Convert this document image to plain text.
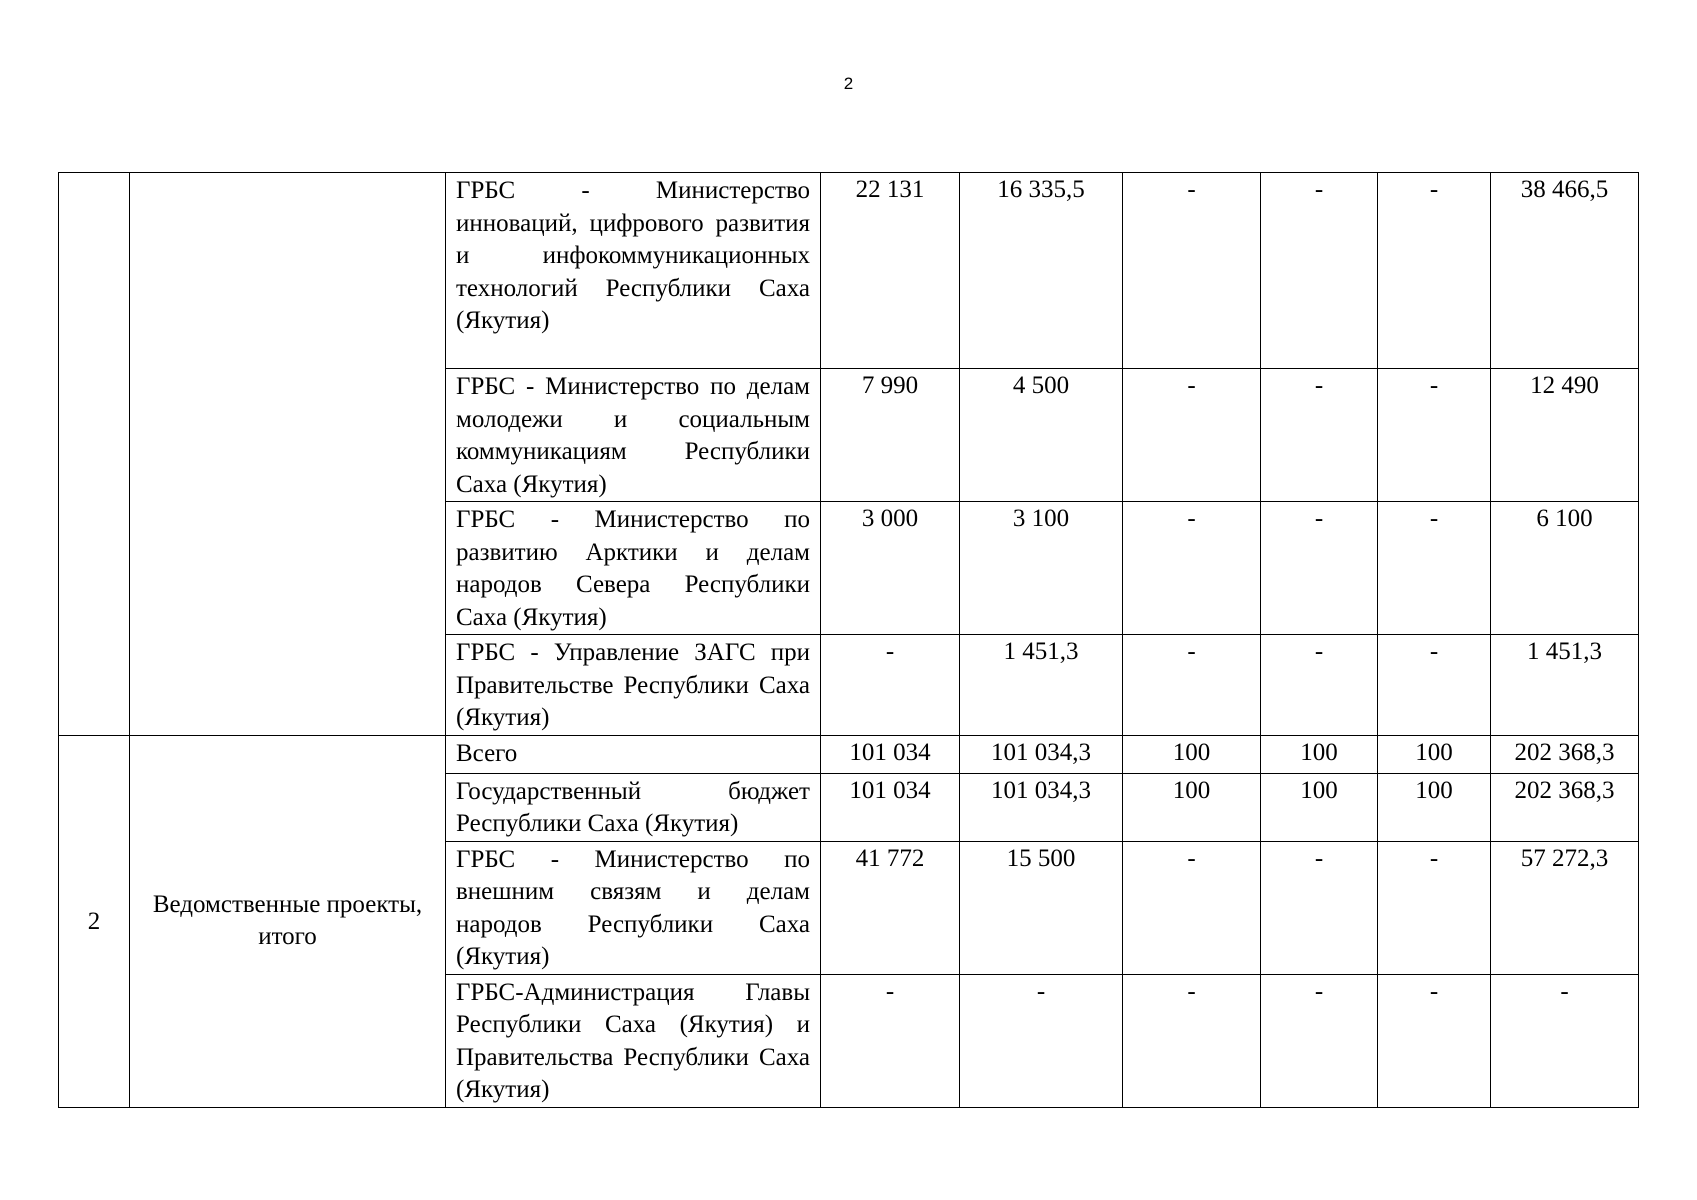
2
		ГРБС - Министерство инноваций, цифрового развития и инфокоммуникационных технологий Республики Саха (Якутия)	22 131	16 335,5	-	-	-	38 466,5
		ГРБС - Министерство по делам молодежи и социальным коммуникациям Республики Саха (Якутия)	7 990	4 500	-	-	-	12 490
		ГРБС - Министерство по развитию Арктики и делам народов Севера Республики Саха (Якутия)	3 000	3 100	-	-	-	6 100
		ГРБС - Управление ЗАГС при Правительстве Республики Саха (Якутия)	-	1 451,3	-	-	-	1 451,3
2	Ведомственные проекты, итого	Всего	101 034	101 034,3	100	100	100	202 368,3
		Государственный бюджет Республики Саха (Якутия)	101 034	101 034,3	100	100	100	202 368,3
		ГРБС - Министерство по внешним связям и делам народов Республики Саха (Якутия)	41 772	15 500	-	-	-	57 272,3
		ГРБС-Администрация Главы Республики Саха (Якутия) и Правительства Республики Саха (Якутия)	-	-	-	-	-	-
